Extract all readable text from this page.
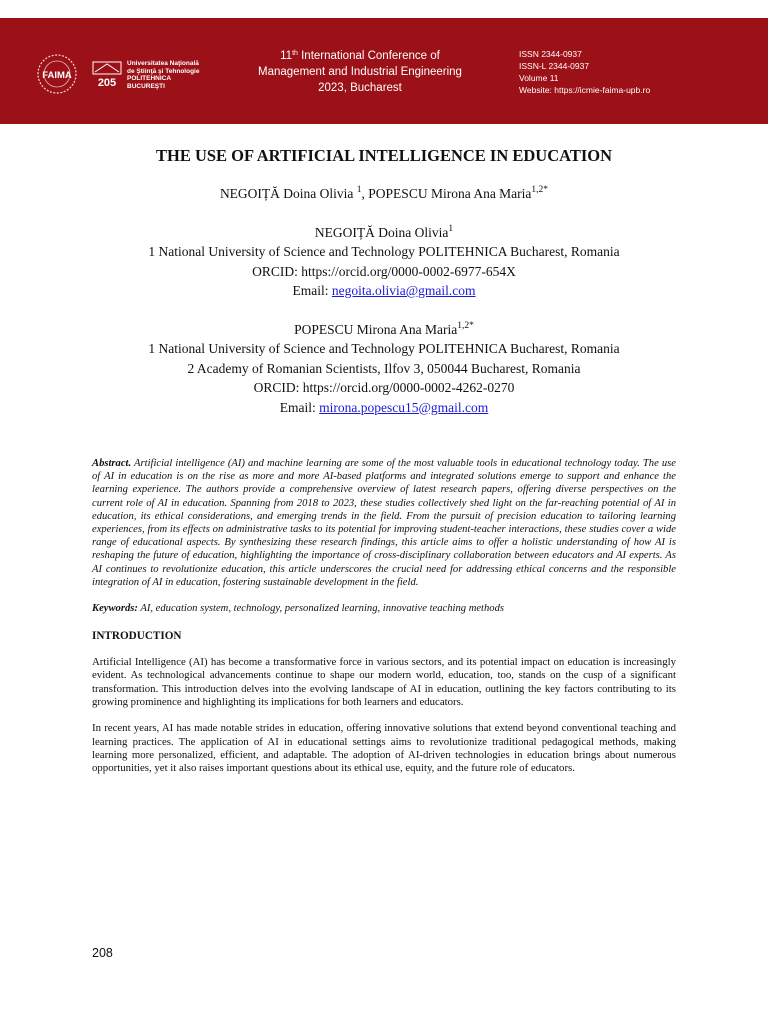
FAIMA
205
Universitatea Naţională
de Ştiinţă şi Tehnologie
POLITEHNICA BUCUREŞTI
11th International Conference of
Management and Industrial Engineering
2023, Bucharest
ISSN 2344-0937
ISSN-L 2344-0937
Volume 11
Website: https://icmie-faima-upb.ro
THE USE OF ARTIFICIAL INTELLIGENCE IN EDUCATION
NEGOIȚĂ Doina Olivia $^1$, POPESCU Mirona Ana Maria$^{1,2*}$
NEGOIȚĂ Doina Olivia$^1$
1 National University of Science and Technology POLITEHNICA Bucharest, Romania
ORCID: https://orcid.org/0000-0002-6977-654X
Email: negoita.olivia@gmail.com
POPESCU Mirona Ana Maria$^{1,2*}$
1 National University of Science and Technology POLITEHNICA Bucharest, Romania
2 Academy of Romanian Scientists, Ilfov 3, 050044 Bucharest, Romania
ORCID: https://orcid.org/0000-0002-4262-0270
Email: mirona.popescu15@gmail.com
Abstract. Artificial intelligence (AI) and machine learning are some of the most valuable tools in educational technology today. The use of AI in education is on the rise as more and more AI-based platforms and integrated solutions emerge to support and enhance the learning experience. The authors provide a comprehensive overview of latest research papers, offering diverse perspectives on the current role of AI in education. Spanning from 2018 to 2023, these studies collectively shed light on the far-reaching potential of AI in education, its ethical considerations, and emerging trends in the field. From the pursuit of precision education to tailoring learning experiences, from its effects on administrative tasks to its potential for improving student-teacher interactions, these studies cover a wide range of educational aspects. By synthesizing these research findings, this article aims to offer a holistic understanding of how AI is reshaping the future of education, highlighting the importance of cross-disciplinary collaboration between educators and AI experts. As AI continues to revolutionize education, this article underscores the crucial need for addressing ethical concerns and the responsible integration of AI in education, fostering sustainable development in the field.
Keywords: AI, education system, technology, personalized learning, innovative teaching methods
INTRODUCTION
Artificial Intelligence (AI) has become a transformative force in various sectors, and its potential impact on education is increasingly evident. As technological advancements continue to shape our modern world, education, too, stands on the cusp of a significant transformation. This introduction delves into the evolving landscape of AI in education, outlining the key factors contributing to its growing prominence and highlighting its implications for both learners and educators.
In recent years, AI has made notable strides in education, offering innovative solutions that extend beyond conventional teaching and learning practices. The application of AI in educational settings aims to revolutionize traditional pedagogical methods, making learning more personalized, efficient, and adaptable. The adoption of AI-driven technologies in education brings about numerous opportunities, yet it also raises important questions about its ethical use, equity, and the future role of educators.
208
